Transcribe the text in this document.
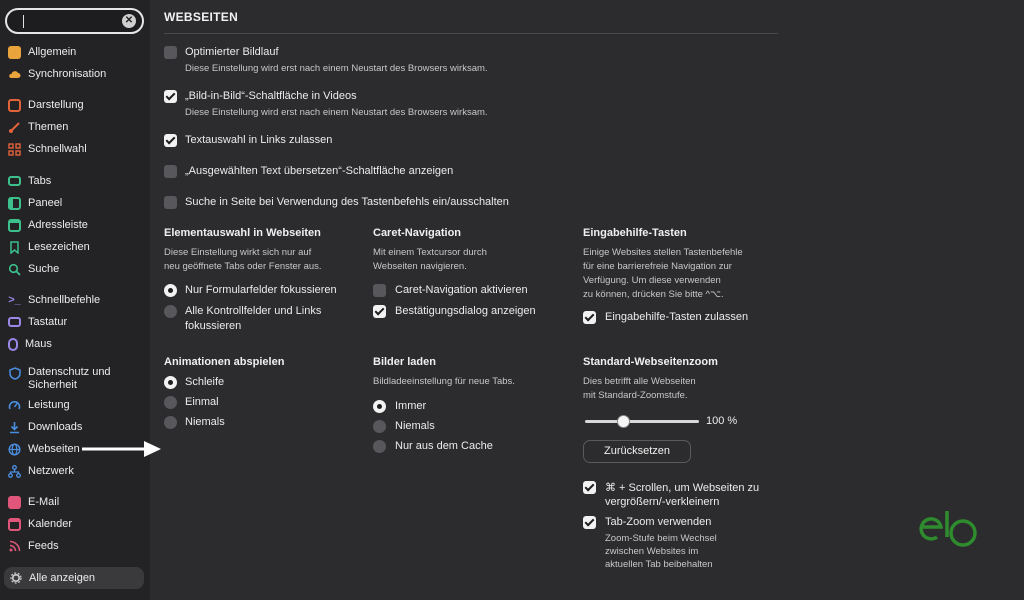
✕
Allgemein
Synchronisation
Darstellung
Themen
Schnellwahl
Tabs
Paneel
Adressleiste
Lesezeichen
Suche
>_ Schnellbefehle
Tastatur
Maus
Datenschutz und Sicherheit
Leistung
Downloads
Webseiten
Netzwerk
E-Mail
Kalender
Feeds
Alle anzeigen
WEBSEITEN
Optimierter Bildlauf
Diese Einstellung wird erst nach einem Neustart des Browsers wirksam.
„Bild-in-Bild“-Schaltfläche in Videos
Diese Einstellung wird erst nach einem Neustart des Browsers wirksam.
Textauswahl in Links zulassen
„Ausgewählten Text übersetzen“-Schaltfläche anzeigen
Suche in Seite bei Verwendung des Tastenbefehls ein/ausschalten
Elementauswahl in Webseiten
Diese Einstellung wirkt sich nur auf
neu geöffnete Tabs oder Fenster aus.
Nur Formularfelder fokussieren
Alle Kontrollfelder und Links
fokussieren
Caret-Navigation
Mit einem Textcursor durch
Webseiten navigieren.
Caret-Navigation aktivieren
Bestätigungsdialog anzeigen
Eingabehilfe-Tasten
Einige Websites stellen Tastenbefehle
für eine barrierefreie Navigation zur
Verfügung. Um diese verwenden
zu können, drücken Sie bitte ^⌥.
Eingabehilfe-Tasten zulassen
Animationen abspielen
Schleife
Einmal
Niemals
Bilder laden
Bildladeeinstellung für neue Tabs.
Immer
Niemals
Nur aus dem Cache
Standard-Webseitenzoom
Dies betrifft alle Webseiten
mit Standard-Zoomstufe.
100 %
Zurücksetzen
⌘ + Scrollen, um Webseiten zu
vergrößern/-verkleinern
Tab-Zoom verwenden
Zoom-Stufe beim Wechsel
zwischen Websites im
aktuellen Tab beibehalten
